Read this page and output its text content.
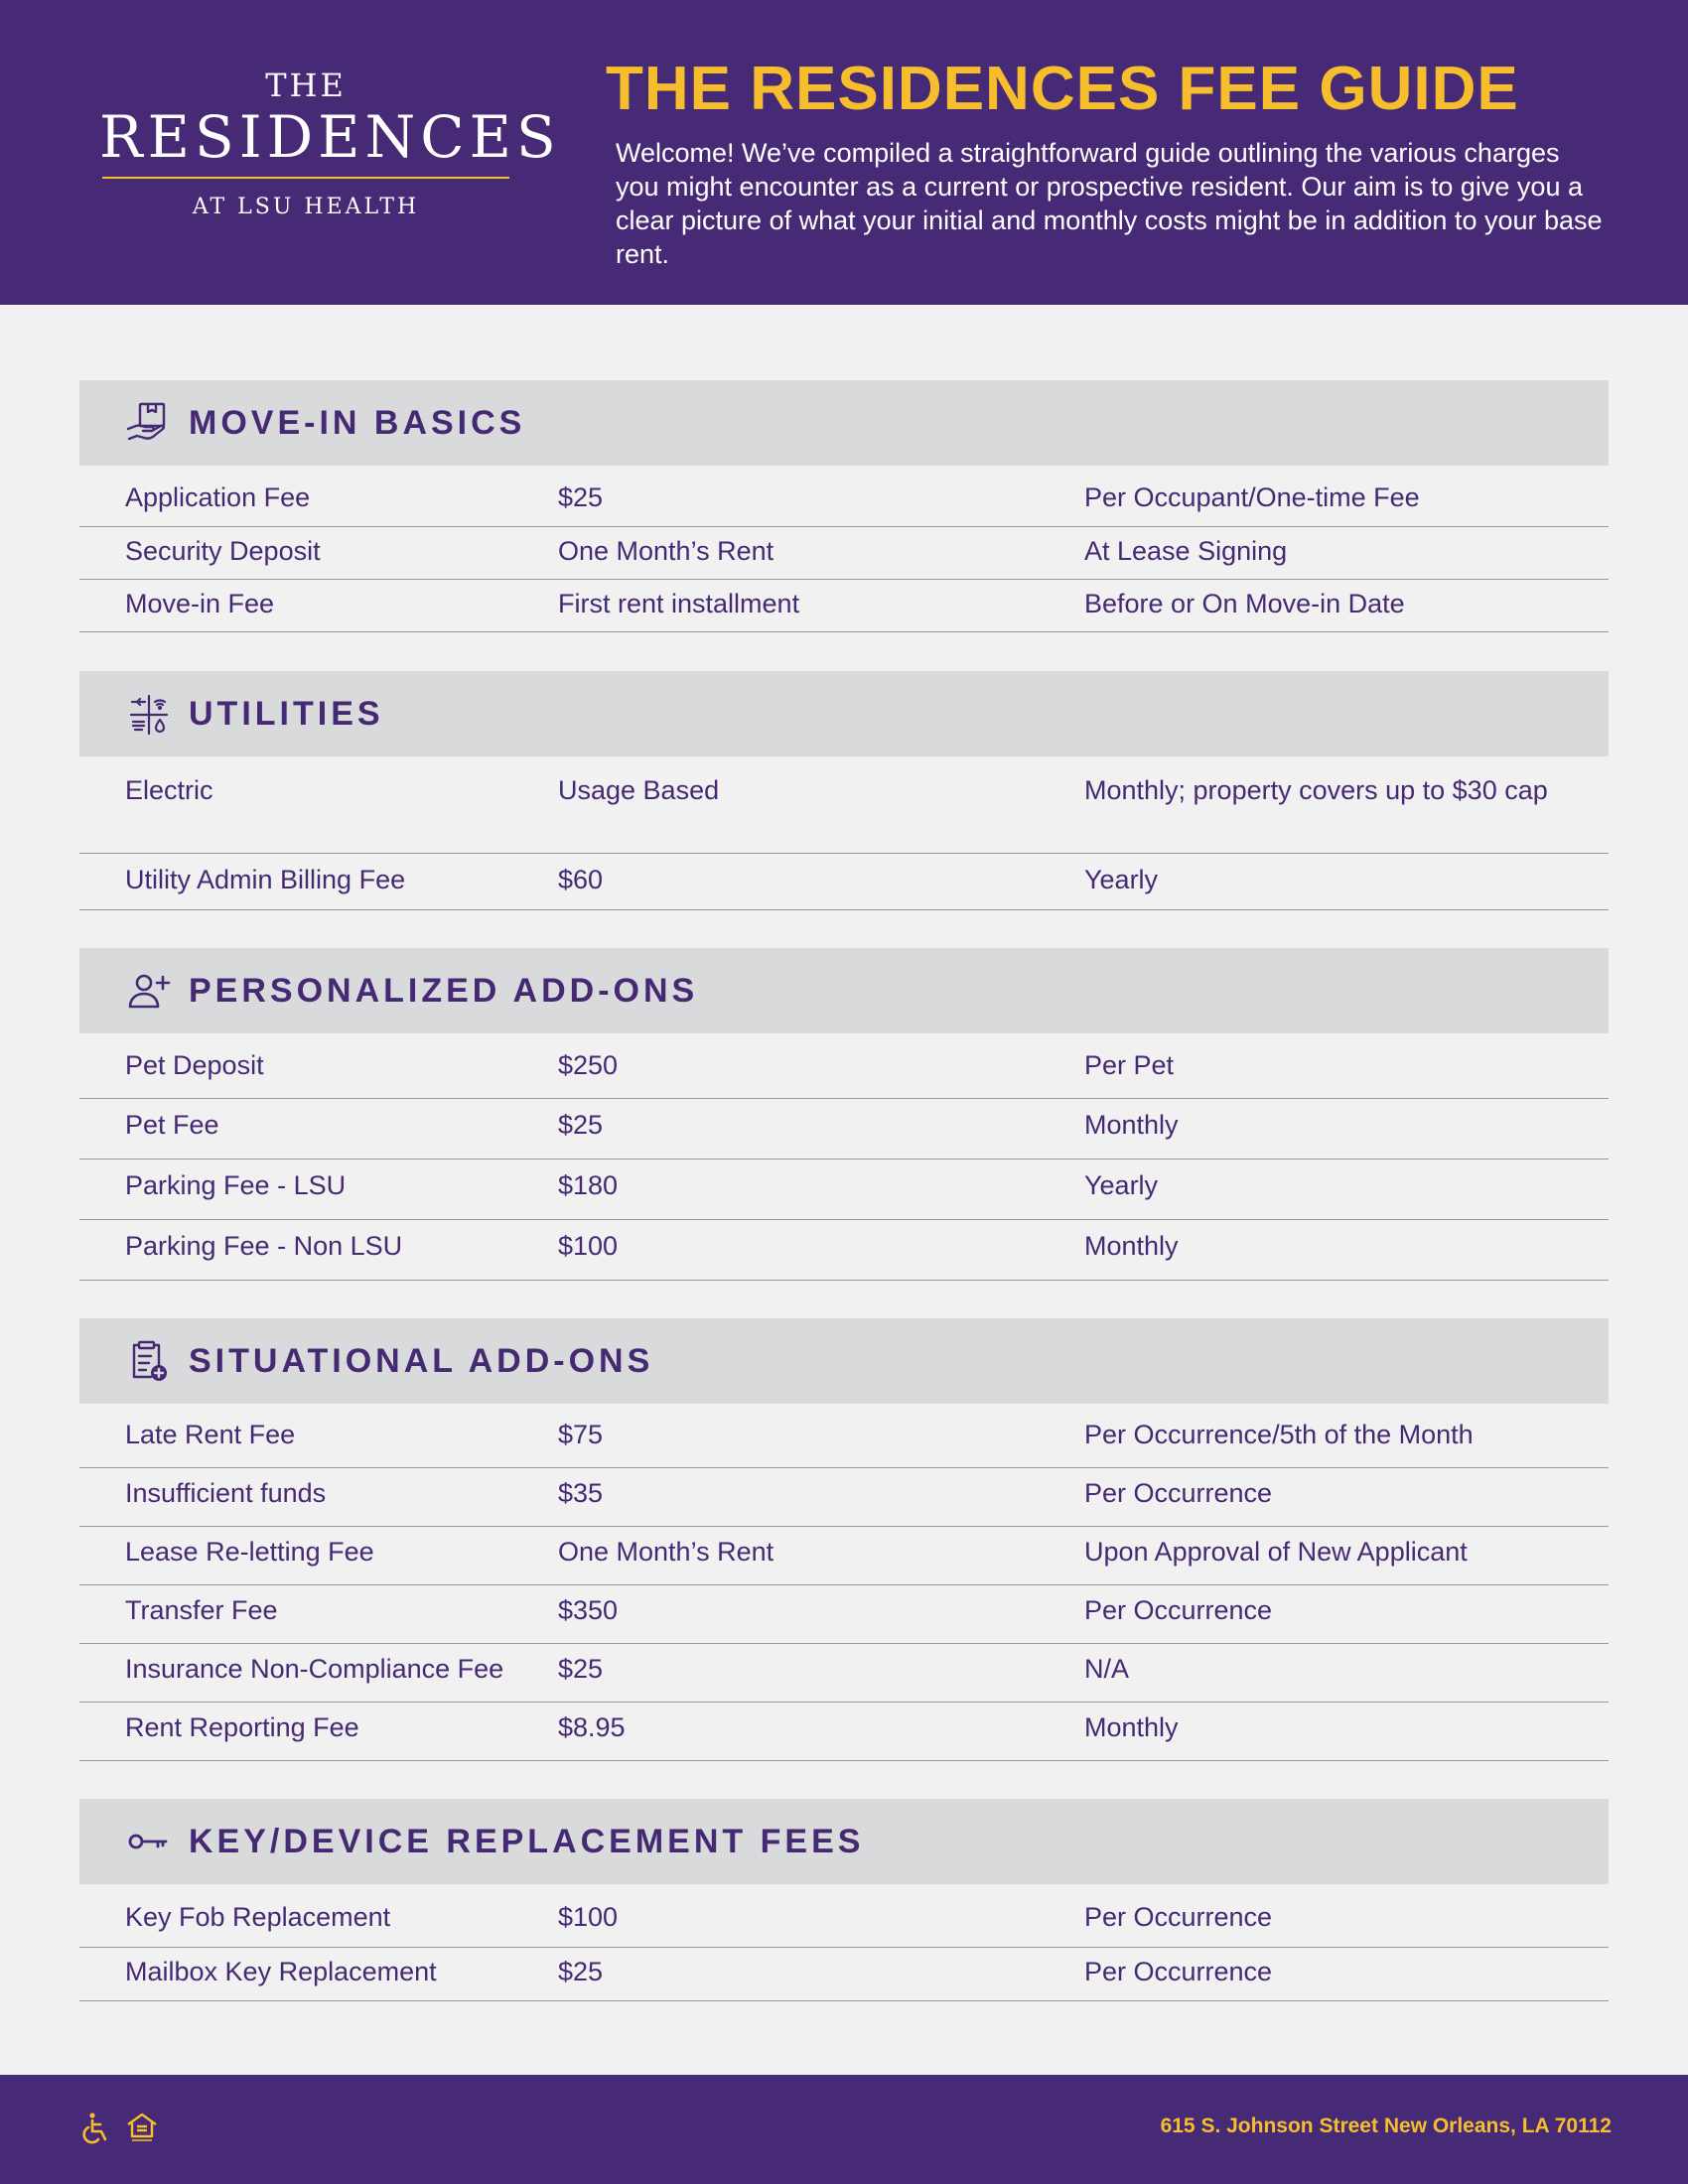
THE
RESIDENCES
AT LSU HEALTH
THE RESIDENCES FEE GUIDE
Welcome! We’ve compiled a straightforward guide outlining the various charges you might encounter as a current or prospective resident. Our aim is to give you a clear picture of what your initial and monthly costs might be in addition to your base rent.
MOVE-IN BASICS
Application Fee	$25	Per Occupant/One-time Fee
Security Deposit	One Month’s Rent	At Lease Signing
Move-in Fee	First rent installment	Before or On Move-in Date
UTILITIES
Electric	Usage Based	Monthly; property covers up to $30 cap
Utility Admin Billing Fee	$60	Yearly
PERSONALIZED ADD-ONS
Pet Deposit	$250	Per Pet
Pet Fee	$25	Monthly
Parking Fee - LSU	$180	Yearly
Parking Fee - Non LSU	$100	Monthly
SITUATIONAL ADD-ONS
Late Rent Fee	$75	Per Occurrence/5th of the Month
Insufficient funds	$35	Per Occurrence
Lease Re-letting Fee	One Month’s Rent	Upon Approval of New Applicant
Transfer Fee	$350	Per Occurrence
Insurance Non-Compliance Fee	$25	N/A
Rent Reporting Fee	$8.95	Monthly
KEY/DEVICE REPLACEMENT FEES
Key Fob Replacement	$100	Per Occurrence
Mailbox Key Replacement	$25	Per Occurrence
615 S. Johnson Street New Orleans, LA 70112
